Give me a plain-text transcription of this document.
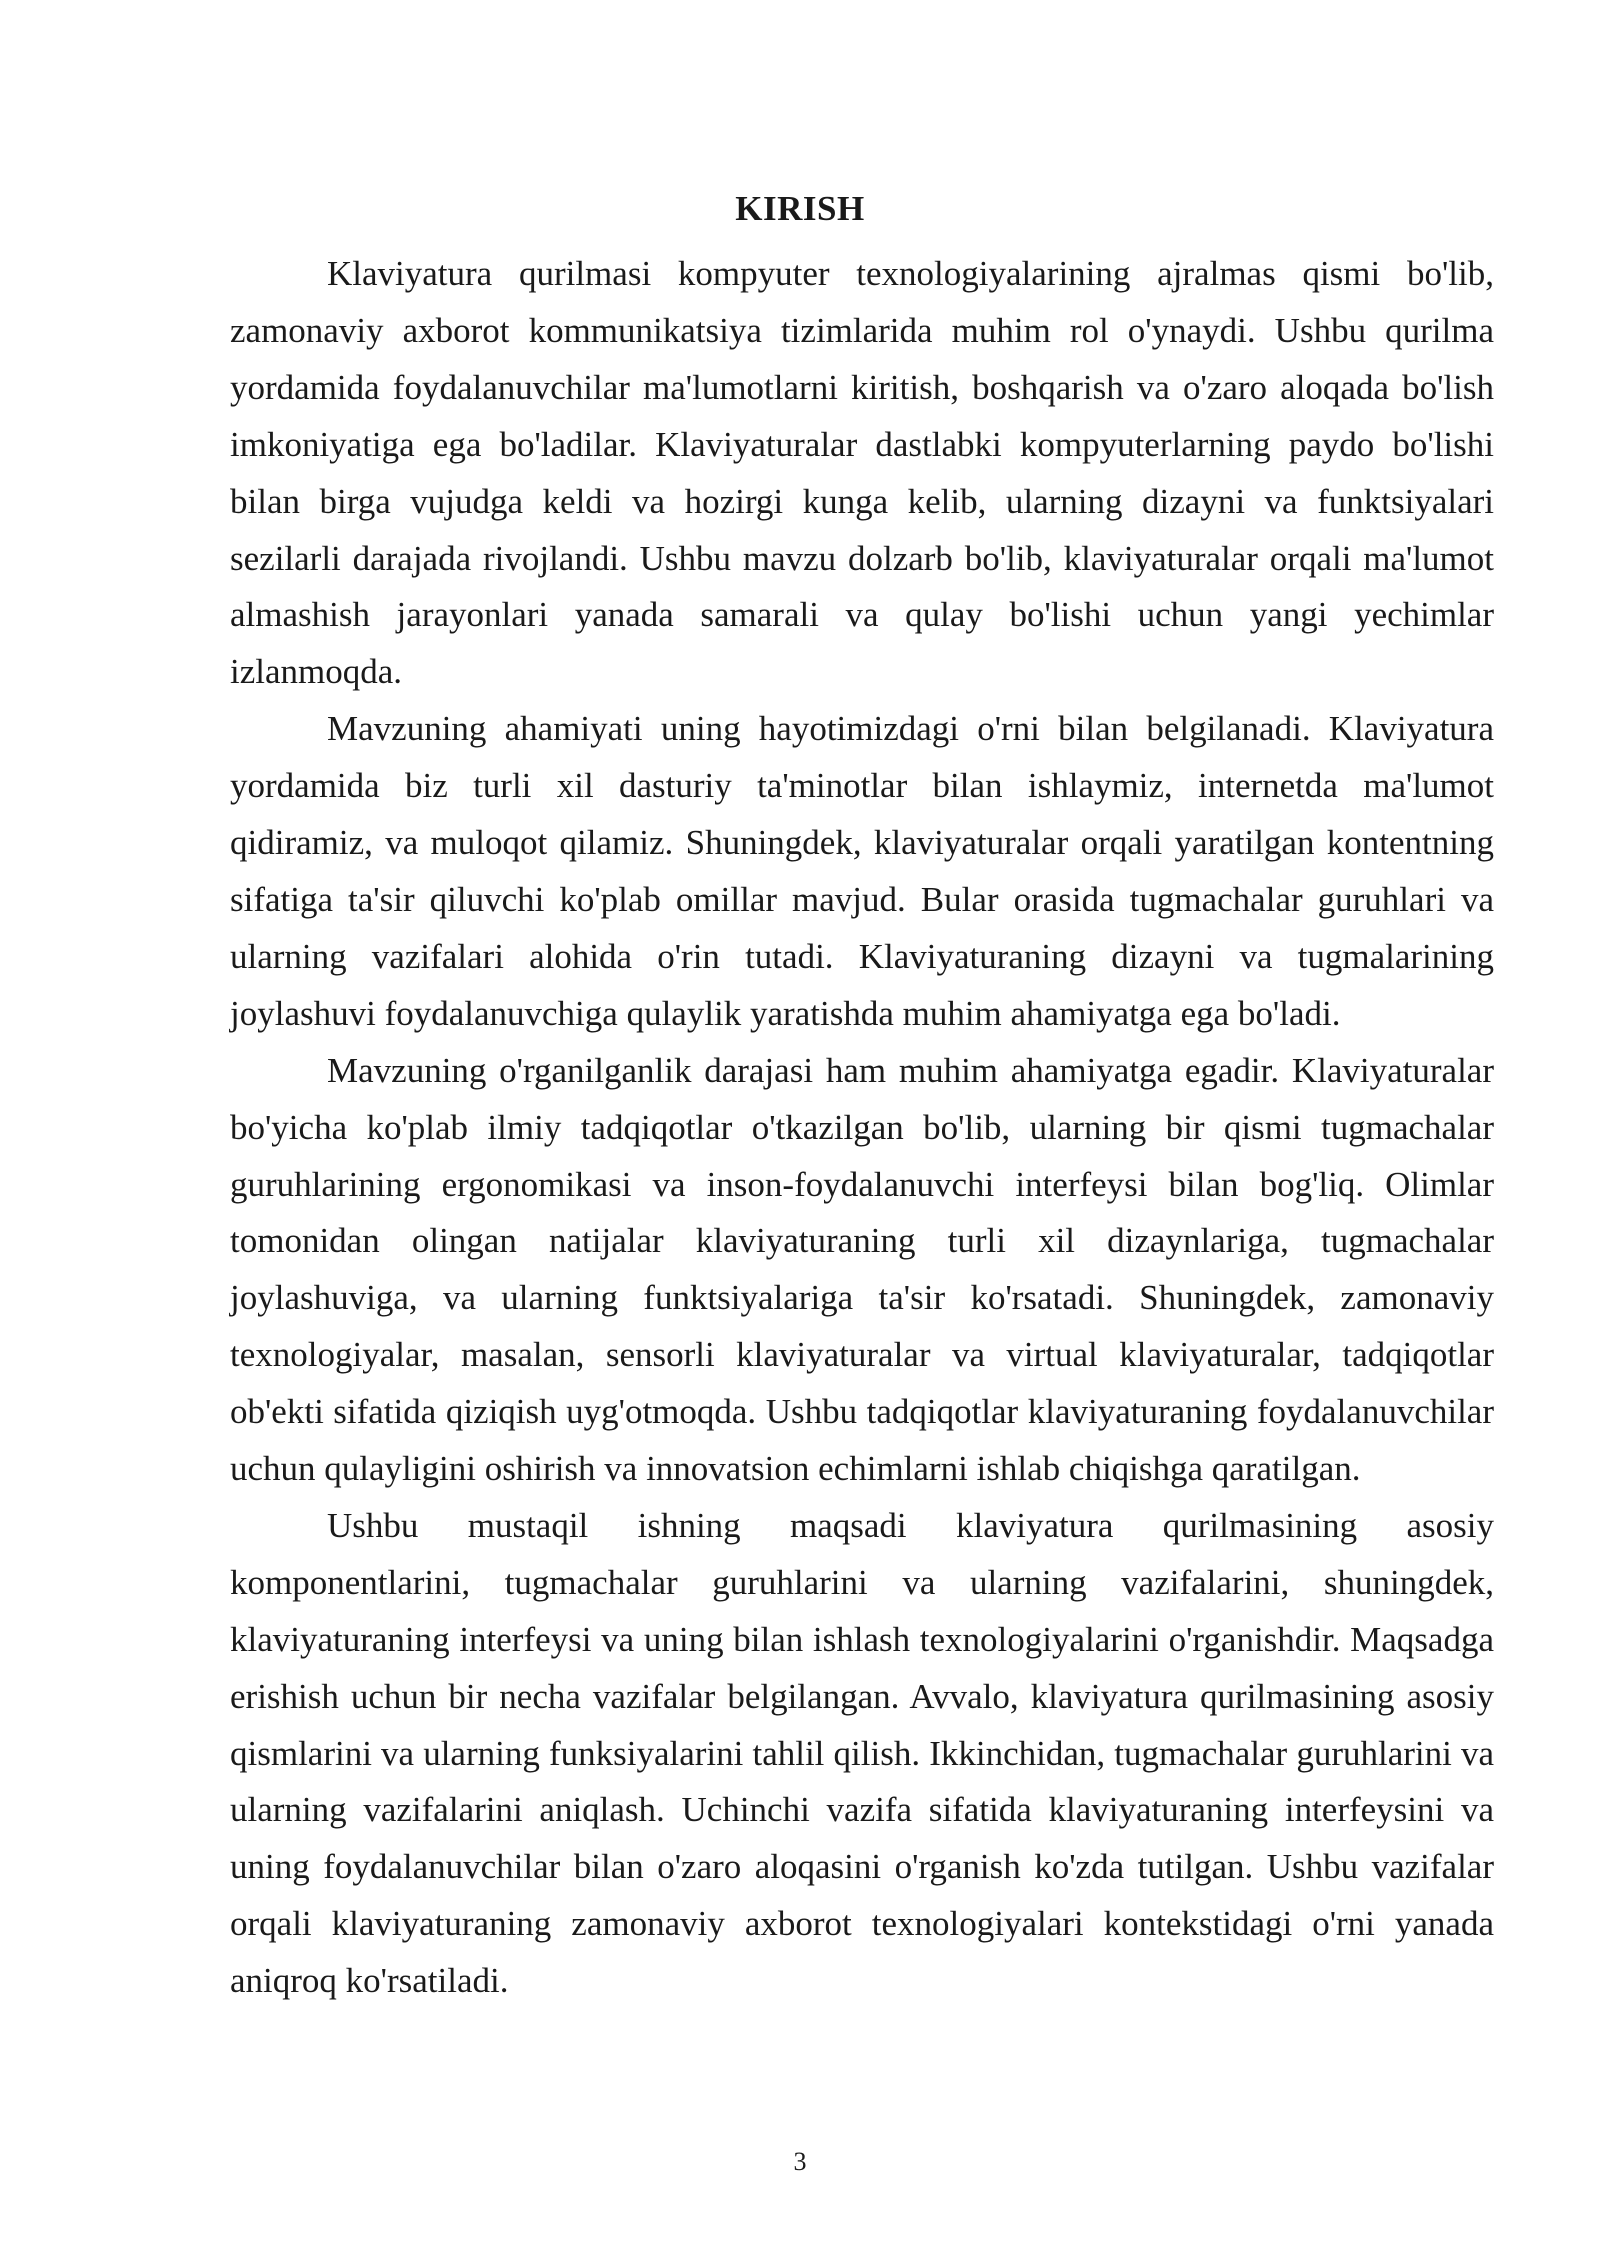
KIRISH

Klaviyatura qurilmasi kompyuter texnologiyalarining ajralmas qismi bo'lib, zamonaviy axborot kommunikatsiya tizimlarida muhim rol o'ynaydi. Ushbu qurilma yordamida foydalanuvchilar ma'lumotlarni kiritish, boshqarish va o'zaro aloqada bo'lish imkoniyatiga ega bo'ladilar. Klaviyaturalar dastlabki kompyuterlarning paydo bo'lishi bilan birga vujudga keldi va hozirgi kunga kelib, ularning dizayni va funktsiyalari sezilarli darajada rivojlandi. Ushbu mavzu dolzarb bo'lib, klaviyaturalar orqali ma'lumot almashish jarayonlari yanada samarali va qulay bo'lishi uchun yangi yechimlar izlanmoqda.

Mavzuning ahamiyati uning hayotimizdagi o'rni bilan belgilanadi. Klaviyatura yordamida biz turli xil dasturiy ta'minotlar bilan ishlaymiz, internetda ma'lumot qidiramiz, va muloqot qilamiz. Shuningdek, klaviyaturalar orqali yaratilgan kontentning sifatiga ta'sir qiluvchi ko'plab omillar mavjud. Bular orasida tugmachalar guruhlari va ularning vazifalari alohida o'rin tutadi. Klaviyaturaning dizayni va tugmalarining joylashuvi foydalanuvchiga qulaylik yaratishda muhim ahamiyatga ega bo'ladi.

Mavzuning o'rganilganlik darajasi ham muhim ahamiyatga egadir. Klaviyaturalar bo'yicha ko'plab ilmiy tadqiqotlar o'tkazilgan bo'lib, ularning bir qismi tugmachalar guruhlarining ergonomikasi va inson-foydalanuvchi interfeysi bilan bog'liq. Olimlar tomonidan olingan natijalar klaviyaturaning turli xil dizaynlariga, tugmachalar joylashuviga, va ularning funktsiyalariga ta'sir ko'rsatadi. Shuningdek, zamonaviy texnologiyalar, masalan, sensorli klaviyaturalar va virtual klaviyaturalar, tadqiqotlar ob'ekti sifatida qiziqish uyg'otmoqda. Ushbu tadqiqotlar klaviyaturaning foydalanuvchilar uchun qulayligini oshirish va innovatsion echimlarni ishlab chiqishga qaratilgan.

Ushbu mustaqil ishning maqsadi klaviyatura qurilmasining asosiy komponentlarini, tugmachalar guruhlarini va ularning vazifalarini, shuningdek, klaviyaturaning interfeysi va uning bilan ishlash texnologiyalarini o'rganishdir. Maqsadga erishish uchun bir necha vazifalar belgilangan. Avvalo, klaviyatura qurilmasining asosiy qismlarini va ularning funksiyalarini tahlil qilish. Ikkinchidan, tugmachalar guruhlarini va ularning vazifalarini aniqlash. Uchinchi vazifa sifatida klaviyaturaning interfeysini va uning foydalanuvchilar bilan o'zaro aloqasini o'rganish ko'zda tutilgan. Ushbu vazifalar orqali klaviyaturaning zamonaviy axborot texnologiyalari kontekstidagi o'rni yanada aniqroq ko'rsatiladi.

3
